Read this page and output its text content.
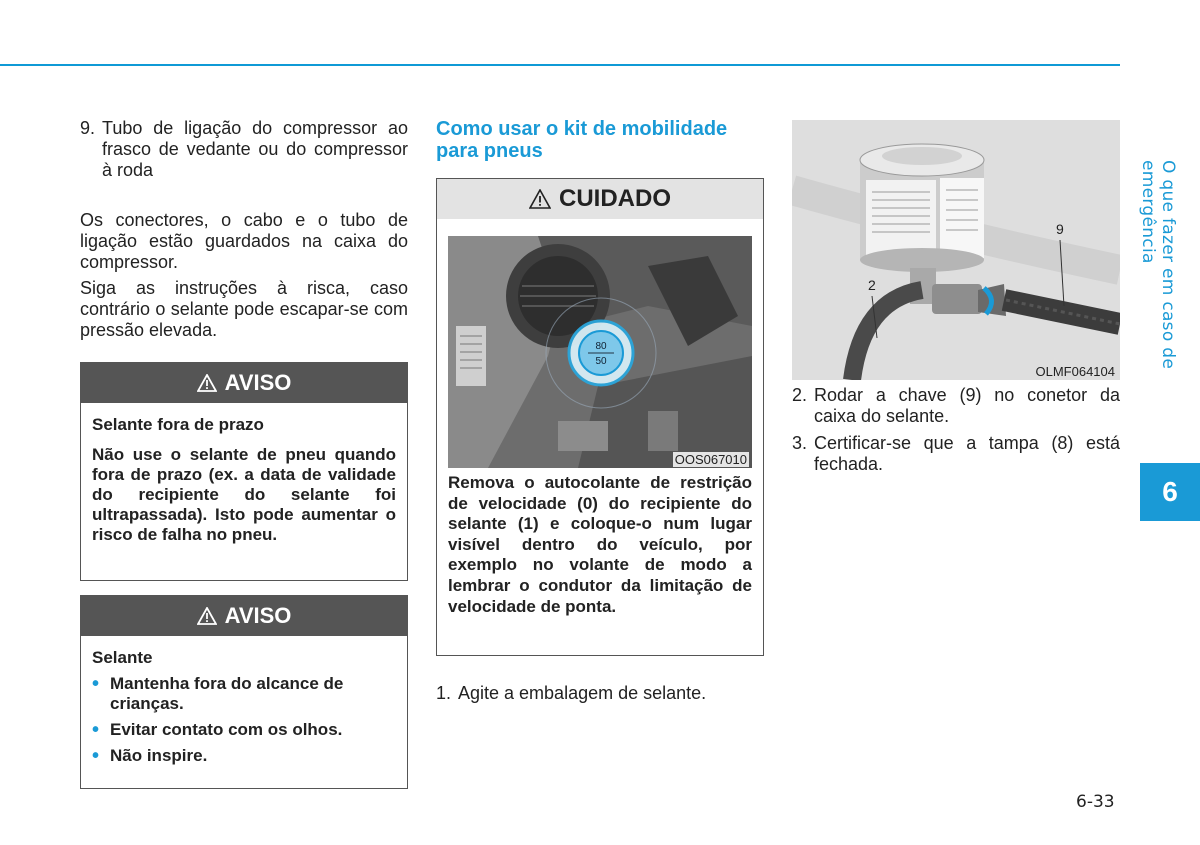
9. Tubo de ligação do compressor ao frasco de vedante ou do compressor à roda

Os conectores, o cabo e o tubo de ligação estão guardados na caixa do compressor.

Siga as instruções à risca, caso contrário o selante pode escapar-se com pressão elevada.

AVISO

Selante fora de prazo

Não use o selante de pneu quando fora de prazo (ex. a data de validade do recipiente do selante foi ultrapassada). Isto pode aumentar o risco de falha no pneu.

AVISO

Selante

• Mantenha fora do alcance de crianças.
• Evitar contato com os olhos.
• Não inspire.
Como usar o kit de mobilidade para pneus
CUIDADO
80
50
OOS067010

Remova o autocolante de restrição de velocidade (0) do recipiente do selante (1) e coloque-o num lugar visível dentro do veículo, por exemplo no volante de modo a lembrar o condutor da limitação de velocidade de ponta.

1. Agite a embalagem de selante.
2
9
OLMF064104
2. Rodar a chave (9) no conetor da caixa do selante.
3. Certificar-se que a tampa (8) está fechada.
O que fazer em caso de emergência
6
6-33
